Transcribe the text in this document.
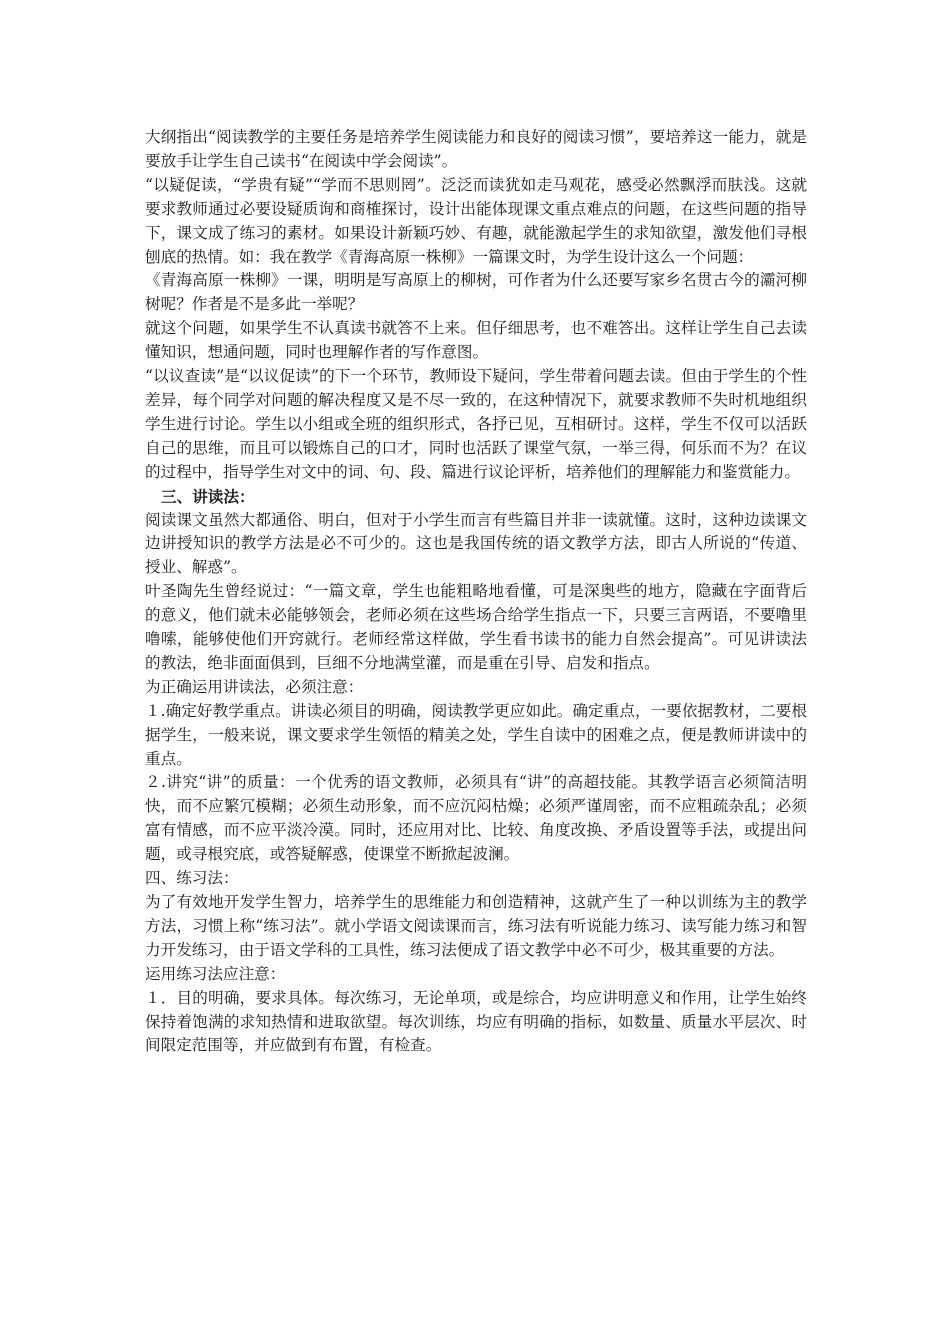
大纲指出“阅读教学的主要任务是培养学生阅读能力和良好的阅读习惯”，要培养这一能力，就是要放手让学生自己读书“在阅读中学会阅读”。

“以疑促读，“学贵有疑”“学而不思则罔”。泛泛而读犹如走马观花，感受必然飘浮而肤浅。这就要求教师通过必要设疑质询和商榷探讨，设计出能体现课文重点难点的问题，在这些问题的指导下，课文成了练习的素材。如果设计新颖巧妙、有趣，就能激起学生的求知欲望，激发他们寻根刨底的热情。如：我在教学《青海高原一株柳》一篇课文时，为学生设计这么一个问题：

《青海高原一株柳》一课，明明是写高原上的柳树，可作者为什么还要写家乡名贯古今的灞河柳树呢？作者是不是多此一举呢？

就这个问题，如果学生不认真读书就答不上来。但仔细思考，也不难答出。这样让学生自己去读懂知识，想通问题，同时也理解作者的写作意图。

“以议查读”是“以议促读”的下一个环节，教师设下疑问，学生带着问题去读。但由于学生的个性差异，每个同学对问题的解决程度又是不尽一致的，在这种情况下，就要求教师不失时机地组织学生进行讨论。学生以小组或全班的组织形式，各抒已见，互相研讨。这样，学生不仅可以活跃自己的思维，而且可以锻炼自己的口才，同时也活跃了课堂气氛，一举三得，何乐而不为？在议的过程中，指导学生对文中的词、句、段、篇进行议论评析，培养他们的理解能力和鉴赏能力。

三、讲读法：

阅读课文虽然大都通俗、明白，但对于小学生而言有些篇目并非一读就懂。这时，这种边读课文边讲授知识的教学方法是必不可少的。这也是我国传统的语文教学方法，即古人所说的“传道、授业、解惑”。

叶圣陶先生曾经说过：“一篇文章，学生也能粗略地看懂，可是深奥些的地方，隐藏在字面背后的意义，他们就未必能够领会，老师必须在这些场合给学生指点一下，只要三言两语，不要噜里噜嗦，能够使他们开窍就行。老师经常这样做，学生看书读书的能力自然会提高”。可见讲读法的教法，绝非面面俱到，巨细不分地满堂灌，而是重在引导、启发和指点。

为正确运用讲读法，必须注意：

１.确定好教学重点。讲读必须目的明确，阅读教学更应如此。确定重点，一要依据教材，二要根据学生，一般来说，课文要求学生领悟的精美之处，学生自读中的困难之点，便是教师讲读中的重点。

２.讲究“讲”的质量：一个优秀的语文教师，必须具有“讲”的高超技能。其教学语言必须简洁明快，而不应繁冗模糊；必须生动形象，而不应沉闷枯燥；必须严谨周密，而不应粗疏杂乱；必须富有情感，而不应平淡冷漠。同时，还应用对比、比较、角度改换、矛盾设置等手法，或提出问题，或寻根究底，或答疑解惑，使课堂不断掀起波澜。

四、练习法：

为了有效地开发学生智力，培养学生的思维能力和创造精神，这就产生了一种以训练为主的教学方法，习惯上称“练习法”。就小学语文阅读课而言，练习法有听说能力练习、读写能力练习和智力开发练习，由于语文学科的工具性，练习法便成了语文教学中必不可少，极其重要的方法。

运用练习法应注意：

１．目的明确，要求具体。每次练习，无论单项，或是综合，均应讲明意义和作用，让学生始终保持着饱满的求知热情和进取欲望。每次训练，均应有明确的指标，如数量、质量水平层次、时间限定范围等，并应做到有布置，有检查。
